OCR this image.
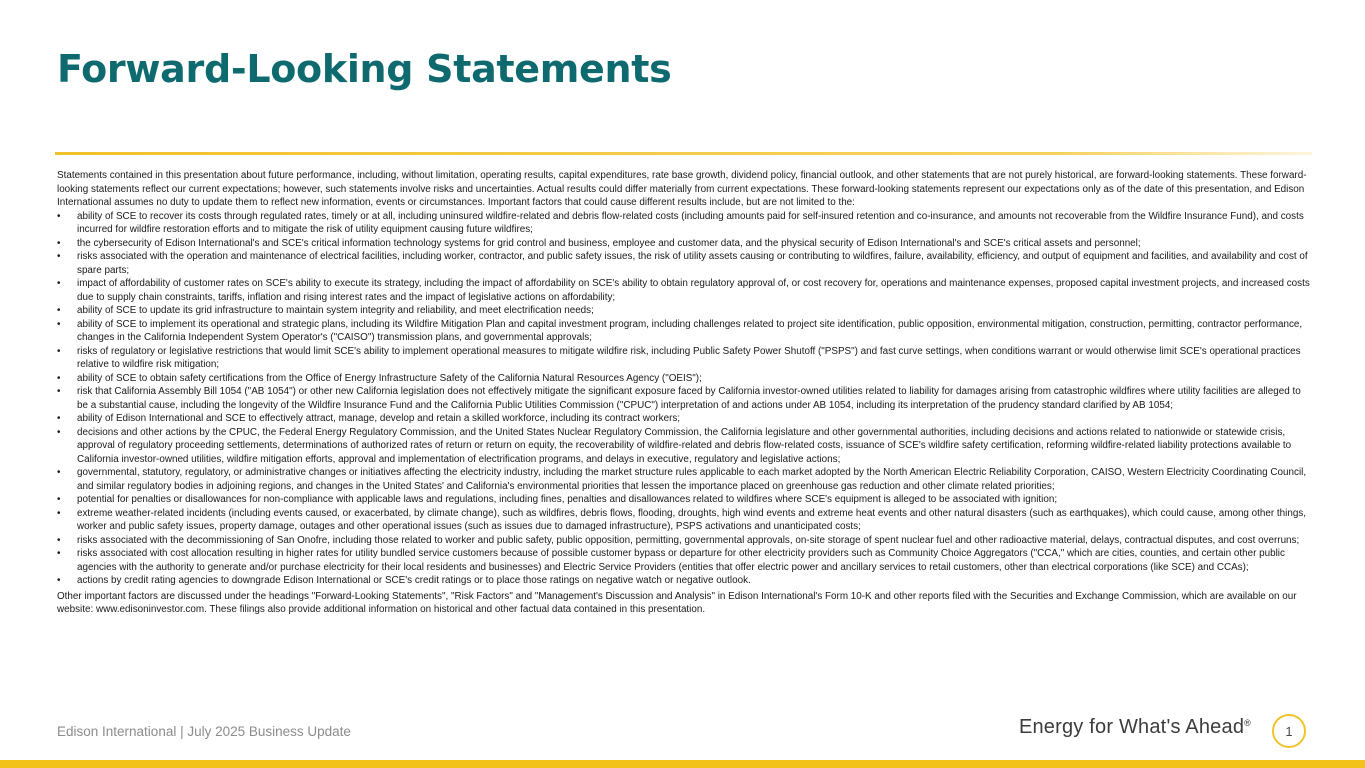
Forward-Looking Statements

Statements contained in this presentation about future performance, including, without limitation, operating results, capital expenditures, rate base growth, dividend policy, financial outlook, and other statements that are not purely historical, are forward-looking statements. These forward-looking statements reflect our current expectations; however, such statements involve risks and uncertainties. Actual results could differ materially from current expectations. These forward-looking statements represent our expectations only as of the date of this presentation, and Edison International assumes no duty to update them to reflect new information, events or circumstances. Important factors that could cause different results include, but are not limited to the:

• ability of SCE to recover its costs through regulated rates, timely or at all, including uninsured wildfire-related and debris flow-related costs (including amounts paid for self-insured retention and co-insurance, and amounts not recoverable from the Wildfire Insurance Fund), and costs incurred for wildfire restoration efforts and to mitigate the risk of utility equipment causing future wildfires;
• the cybersecurity of Edison International's and SCE's critical information technology systems for grid control and business, employee and customer data, and the physical security of Edison International's and SCE's critical assets and personnel;
• risks associated with the operation and maintenance of electrical facilities, including worker, contractor, and public safety issues, the risk of utility assets causing or contributing to wildfires, failure, availability, efficiency, and output of equipment and facilities, and availability and cost of spare parts;
• impact of affordability of customer rates on SCE's ability to execute its strategy, including the impact of affordability on SCE's ability to obtain regulatory approval of, or cost recovery for, operations and maintenance expenses, proposed capital investment projects, and increased costs due to supply chain constraints, tariffs, inflation and rising interest rates and the impact of legislative actions on affordability;
• ability of SCE to update its grid infrastructure to maintain system integrity and reliability, and meet electrification needs;
• ability of SCE to implement its operational and strategic plans, including its Wildfire Mitigation Plan and capital investment program, including challenges related to project site identification, public opposition, environmental mitigation, construction, permitting, contractor performance, changes in the California Independent System Operator's ("CAISO") transmission plans, and governmental approvals;
• risks of regulatory or legislative restrictions that would limit SCE's ability to implement operational measures to mitigate wildfire risk, including Public Safety Power Shutoff ("PSPS") and fast curve settings, when conditions warrant or would otherwise limit SCE's operational practices relative to wildfire risk mitigation;
• ability of SCE to obtain safety certifications from the Office of Energy Infrastructure Safety of the California Natural Resources Agency ("OEIS");
• risk that California Assembly Bill 1054 ("AB 1054") or other new California legislation does not effectively mitigate the significant exposure faced by California investor-owned utilities related to liability for damages arising from catastrophic wildfires where utility facilities are alleged to be a substantial cause, including the longevity of the Wildfire Insurance Fund and the California Public Utilities Commission ("CPUC") interpretation of and actions under AB 1054, including its interpretation of the prudency standard clarified by AB 1054;
• ability of Edison International and SCE to effectively attract, manage, develop and retain a skilled workforce, including its contract workers;
• decisions and other actions by the CPUC, the Federal Energy Regulatory Commission, and the United States Nuclear Regulatory Commission, the California legislature and other governmental authorities, including decisions and actions related to nationwide or statewide crisis, approval of regulatory proceeding settlements, determinations of authorized rates of return or return on equity, the recoverability of wildfire-related and debris flow-related costs, issuance of SCE's wildfire safety certification, reforming wildfire-related liability protections available to California investor-owned utilities, wildfire mitigation efforts, approval and implementation of electrification programs, and delays in executive, regulatory and legislative actions;
• governmental, statutory, regulatory, or administrative changes or initiatives affecting the electricity industry, including the market structure rules applicable to each market adopted by the North American Electric Reliability Corporation, CAISO, Western Electricity Coordinating Council, and similar regulatory bodies in adjoining regions, and changes in the United States' and California's environmental priorities that lessen the importance placed on greenhouse gas reduction and other climate related priorities;
• potential for penalties or disallowances for non-compliance with applicable laws and regulations, including fines, penalties and disallowances related to wildfires where SCE's equipment is alleged to be associated with ignition;
• extreme weather-related incidents (including events caused, or exacerbated, by climate change), such as wildfires, debris flows, flooding, droughts, high wind events and extreme heat events and other natural disasters (such as earthquakes), which could cause, among other things, worker and public safety issues, property damage, outages and other operational issues (such as issues due to damaged infrastructure), PSPS activations and unanticipated costs;
• risks associated with the decommissioning of San Onofre, including those related to worker and public safety, public opposition, permitting, governmental approvals, on-site storage of spent nuclear fuel and other radioactive material, delays, contractual disputes, and cost overruns;
• risks associated with cost allocation resulting in higher rates for utility bundled service customers because of possible customer bypass or departure for other electricity providers such as Community Choice Aggregators ("CCA," which are cities, counties, and certain other public agencies with the authority to generate and/or purchase electricity for their local residents and businesses) and Electric Service Providers (entities that offer electric power and ancillary services to retail customers, other than electrical corporations (like SCE) and CCAs);
• actions by credit rating agencies to downgrade Edison International or SCE's credit ratings or to place those ratings on negative watch or negative outlook.

Other important factors are discussed under the headings "Forward-Looking Statements", "Risk Factors" and "Management's Discussion and Analysis" in Edison International's Form 10-K and other reports filed with the Securities and Exchange Commission, which are available on our website: www.edisoninvestor.com. These filings also provide additional information on historical and other factual data contained in this presentation.

Edison International | July 2025 Business Update	Energy for What's Ahead®
1
